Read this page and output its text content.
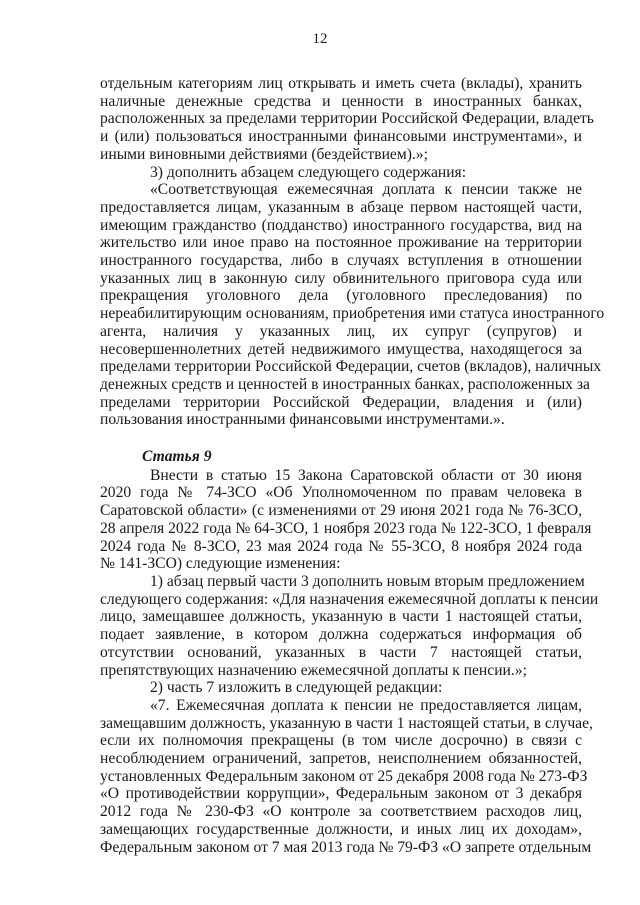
12
отдельным категориям лиц открывать и иметь счета (вклады), хранить
наличные денежные средства и ценности в иностранных банках,
расположенных за пределами территории Российской Федерации, владеть
и (или) пользоваться иностранными финансовыми инструментами», и
иными виновными действиями (бездействием).»;
3) дополнить абзацем следующего содержания:
«Соответствующая ежемесячная доплата к пенсии также не
предоставляется лицам, указанным в абзаце первом настоящей части,
имеющим гражданство (подданство) иностранного государства, вид на
жительство или иное право на постоянное проживание на территории
иностранного государства, либо в случаях вступления в отношении
указанных лиц в законную силу обвинительного приговора суда или
прекращения уголовного дела (уголовного преследования) по
нереабилитирующим основаниям, приобретения ими статуса иностранного
агента, наличия у указанных лиц, их супруг (супругов) и
несовершеннолетних детей недвижимого имущества, находящегося за
пределами территории Российской Федерации, счетов (вкладов), наличных
денежных средств и ценностей в иностранных банках, расположенных за
пределами территории Российской Федерации, владения и (или)
пользования иностранными финансовыми инструментами.».
Статья 9
Внести в статью 15 Закона Саратовской области от 30 июня
2020 года № 74-ЗСО «Об Уполномоченном по правам человека в
Саратовской области» (с изменениями от 29 июня 2021 года № 76-ЗСО,
28 апреля 2022 года № 64-ЗСО, 1 ноября 2023 года № 122-ЗСО, 1 февраля
2024 года № 8-ЗСО, 23 мая 2024 года № 55-ЗСО, 8 ноября 2024 года
№ 141-ЗСО) следующие изменения:
1) абзац первый части 3 дополнить новым вторым предложением
следующего содержания: «Для назначения ежемесячной доплаты к пенсии
лицо, замещавшее должность, указанную в части 1 настоящей статьи,
подает заявление, в котором должна содержаться информация об
отсутствии оснований, указанных в части 7 настоящей статьи,
препятствующих назначению ежемесячной доплаты к пенсии.»;
2) часть 7 изложить в следующей редакции:
«7. Ежемесячная доплата к пенсии не предоставляется лицам,
замещавшим должность, указанную в части 1 настоящей статьи, в случае,
если их полномочия прекращены (в том числе досрочно) в связи с
несоблюдением ограничений, запретов, неисполнением обязанностей,
установленных Федеральным законом от 25 декабря 2008 года № 273-ФЗ
«О противодействии коррупции», Федеральным законом от 3 декабря
2012 года № 230-ФЗ «О контроле за соответствием расходов лиц,
замещающих государственные должности, и иных лиц их доходам»,
Федеральным законом от 7 мая 2013 года № 79-ФЗ «О запрете отдельным
